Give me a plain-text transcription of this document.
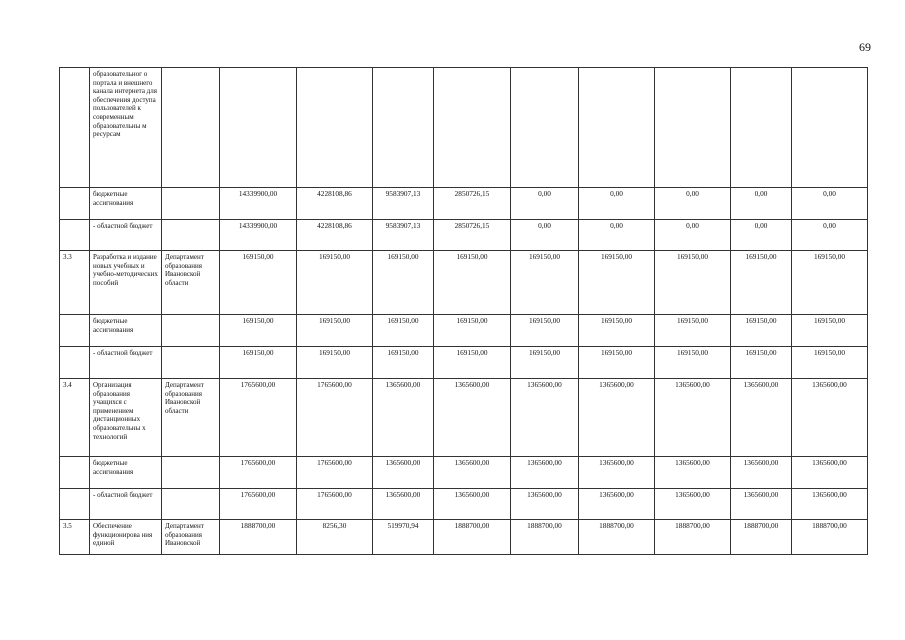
69
	образовательног о портала и внешнего канала интернета для обеспечения доступа пользователей к современным образовательны м ресурсам										
	бюджетные ассигнования		14339900,00	4228108,86	9583907,13	2850726,15	0,00	0,00	0,00	0,00	0,00
	- областной бюджет		14339900,00	4228108,86	9583907,13	2850726,15	0,00	0,00	0,00	0,00	0,00
3.3	Разработка и издание новых учебных и учебно-методических пособий	Департамент образования Ивановской области	169150,00	169150,00	169150,00	169150,00	169150,00	169150,00	169150,00	169150,00	169150,00
	бюджетные ассигнования		169150,00	169150,00	169150,00	169150,00	169150,00	169150,00	169150,00	169150,00	169150,00
	- областной бюджет		169150,00	169150,00	169150,00	169150,00	169150,00	169150,00	169150,00	169150,00	169150,00
3.4	Организация образования учащихся с применением дистанционных образовательны х технологий	Департамент образования Ивановской области	1765600,00	1765600,00	1365600,00	1365600,00	1365600,00	1365600,00	1365600,00	1365600,00	1365600,00
	бюджетные ассигнования		1765600,00	1765600,00	1365600,00	1365600,00	1365600,00	1365600,00	1365600,00	1365600,00	1365600,00
	- областной бюджет		1765600,00	1765600,00	1365600,00	1365600,00	1365600,00	1365600,00	1365600,00	1365600,00	1365600,00
3.5	Обеспечение функционирова ния единой	Департамент образования Ивановской	1888700,00	8256,30	519970,94	1888700,00	1888700,00	1888700,00	1888700,00	1888700,00	1888700,00
